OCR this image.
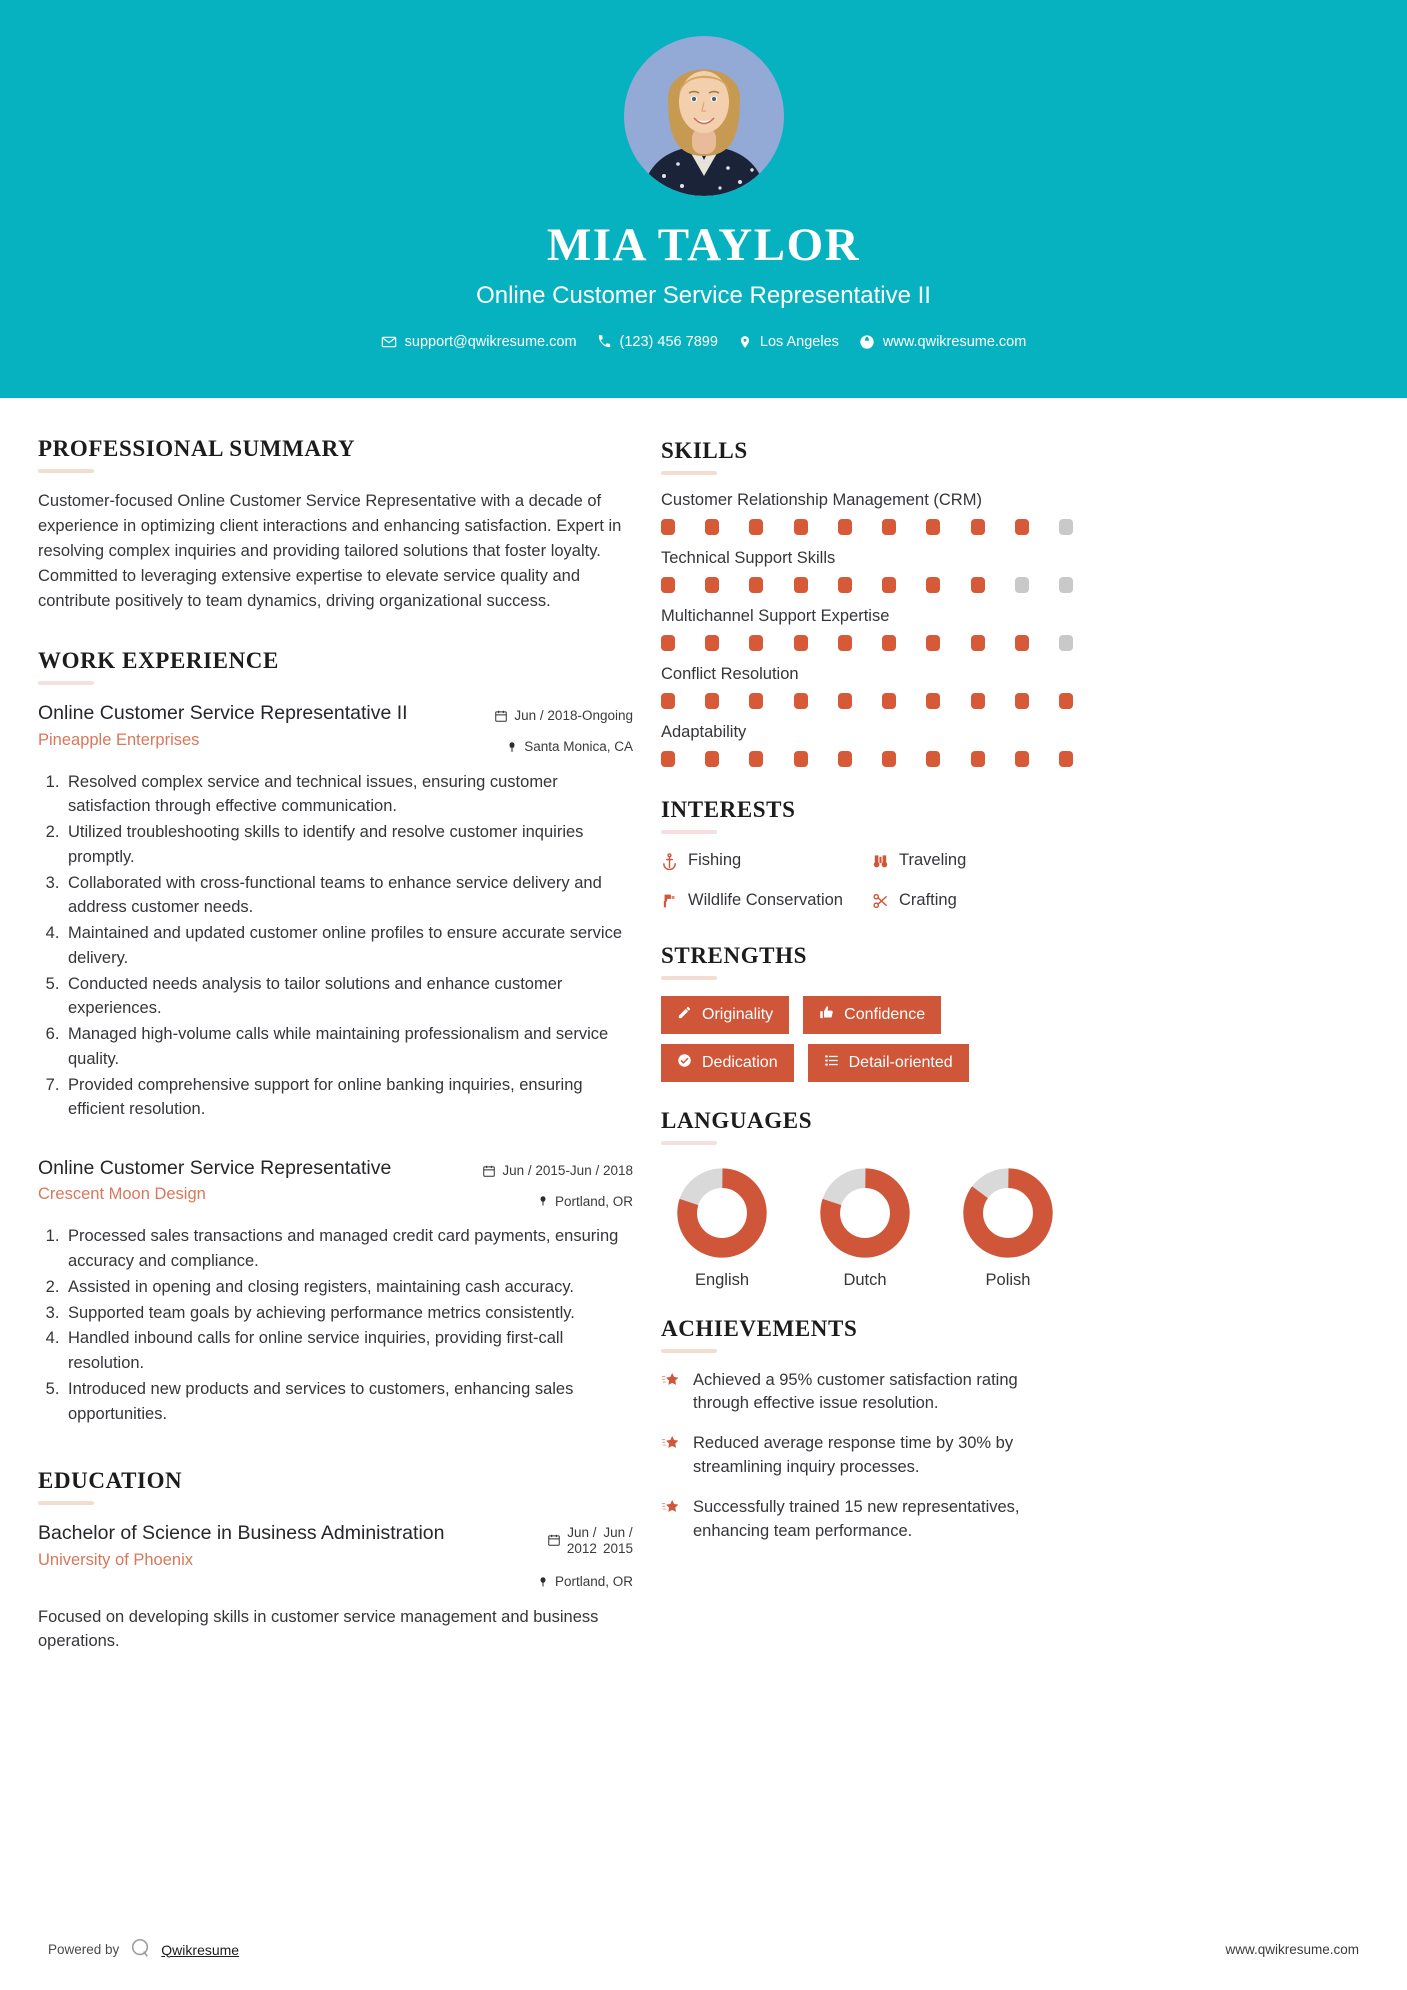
MIA TAYLOR
Online Customer Service Representative II
support@qwikresume.com	(123) 456 7899	Los Angeles	www.qwikresume.com
PROFESSIONAL SUMMARY
Customer-focused Online Customer Service Representative with a decade of experience in optimizing client interactions and enhancing satisfaction. Expert in resolving complex inquiries and providing tailored solutions that foster loyalty. Committed to leveraging extensive expertise to elevate service quality and contribute positively to team dynamics, driving organizational success.
WORK EXPERIENCE
Online Customer Service Representative II
Pineapple Enterprises
Jun / 2018-Ongoing
Santa Monica, CA
1. Resolved complex service and technical issues, ensuring customer satisfaction through effective communication.
2. Utilized troubleshooting skills to identify and resolve customer inquiries promptly.
3. Collaborated with cross-functional teams to enhance service delivery and address customer needs.
4. Maintained and updated customer online profiles to ensure accurate service delivery.
5. Conducted needs analysis to tailor solutions and enhance customer experiences.
6. Managed high-volume calls while maintaining professionalism and service quality.
7. Provided comprehensive support for online banking inquiries, ensuring efficient resolution.
Online Customer Service Representative
Crescent Moon Design
Jun / 2015-Jun / 2018
Portland, OR
1. Processed sales transactions and managed credit card payments, ensuring accuracy and compliance.
2. Assisted in opening and closing registers, maintaining cash accuracy.
3. Supported team goals by achieving performance metrics consistently.
4. Handled inbound calls for online service inquiries, providing first-call resolution.
5. Introduced new products and services to customers, enhancing sales opportunities.
EDUCATION
Bachelor of Science in Business Administration
University of Phoenix
Jun /
2012
Jun /
2015
Portland, OR
Focused on developing skills in customer service management and business operations.
SKILLS
Customer Relationship Management (CRM)
Technical Support Skills
Multichannel Support Expertise
Conflict Resolution
Adaptability
INTERESTS
Fishing	Traveling
Wildlife Conservation	Crafting
STRENGTHS
Originality	Confidence
Dedication	Detail-oriented
LANGUAGES
English	Dutch	Polish
ACHIEVEMENTS
Achieved a 95% customer satisfaction rating through effective issue resolution.
Reduced average response time by 30% by streamlining inquiry processes.
Successfully trained 15 new representatives, enhancing team performance.
Powered by	Qwikresume	www.qwikresume.com
